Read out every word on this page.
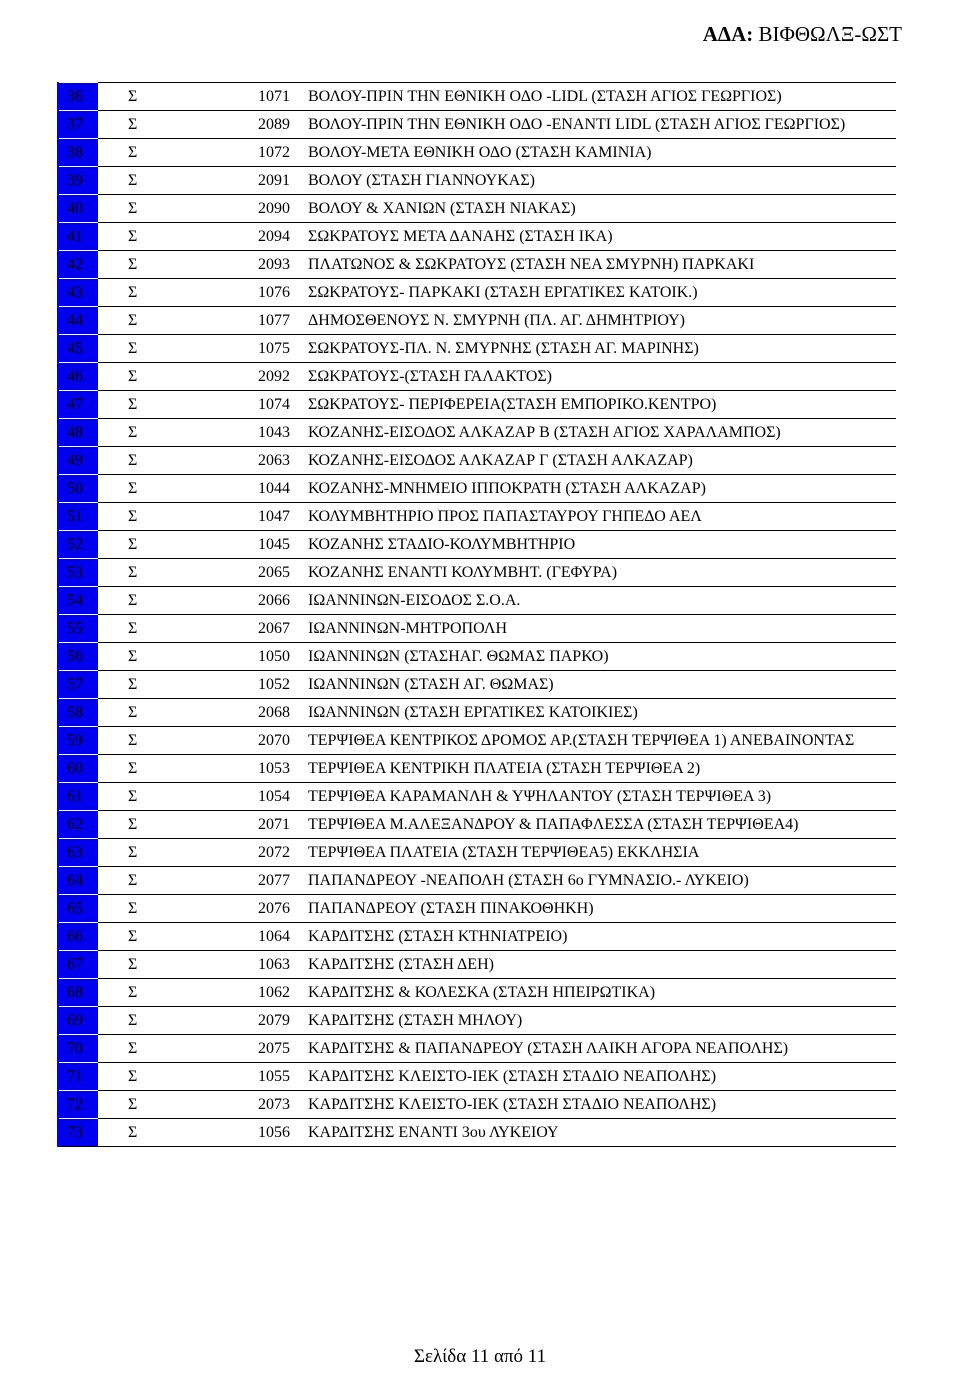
ΑΔΑ: ΒΙΦΘΩΛΞ-ΩΣΤ
36	Σ	1071	ΒΟΛΟΥ-ΠΡΙΝ ΤΗΝ ΕΘΝΙΚΗ ΟΔΟ -LIDL (ΣΤΑΣΗ ΑΓΙΟΣ ΓΕΩΡΓΙΟΣ)
37	Σ	2089	ΒΟΛΟΥ-ΠΡΙΝ ΤΗΝ ΕΘΝΙΚΗ ΟΔΟ -ΕΝΑΝΤΙ LIDL (ΣΤΑΣΗ ΑΓΙΟΣ ΓΕΩΡΓΙΟΣ)
38	Σ	1072	ΒΟΛΟΥ-ΜΕΤΑ ΕΘΝΙΚΗ ΟΔΟ (ΣΤΑΣΗ ΚΑΜΙΝΙΑ)
39	Σ	2091	ΒΟΛΟΥ (ΣΤΑΣΗ ΓΙΑΝΝΟΥΚΑΣ)
40	Σ	2090	ΒΟΛΟΥ & ΧΑΝΙΩΝ (ΣΤΑΣΗ ΝΙΑΚΑΣ)
41	Σ	2094	ΣΩΚΡΑΤΟΥΣ ΜΕΤΑ ΔΑΝΑΗΣ (ΣΤΑΣΗ ΙΚΑ)
42	Σ	2093	ΠΛΑΤΩΝΟΣ & ΣΩΚΡΑΤΟΥΣ (ΣΤΑΣΗ ΝΕΑ ΣΜΥΡΝΗ) ΠΑΡΚΑΚΙ
43	Σ	1076	ΣΩΚΡΑΤΟΥΣ- ΠΑΡΚΑΚΙ (ΣΤΑΣΗ ΕΡΓΑΤΙΚΕΣ ΚΑΤΟΙΚ.)
44	Σ	1077	ΔΗΜΟΣΘΕΝΟΥΣ Ν. ΣΜΥΡΝΗ (ΠΛ. ΑΓ. ΔΗΜΗΤΡΙΟΥ)
45	Σ	1075	ΣΩΚΡΑΤΟΥΣ-ΠΛ. Ν. ΣΜΥΡΝΗΣ (ΣΤΑΣΗ ΑΓ. ΜΑΡΙΝΗΣ)
46	Σ	2092	ΣΩΚΡΑΤΟΥΣ-(ΣΤΑΣΗ ΓΑΛΑΚΤΟΣ)
47	Σ	1074	ΣΩΚΡΑΤΟΥΣ- ΠΕΡΙΦΕΡΕΙΑ(ΣΤΑΣΗ ΕΜΠΟΡΙΚΟ.ΚΕΝΤΡΟ)
48	Σ	1043	ΚΟΖΑΝΗΣ-ΕΙΣΟΔΟΣ ΑΛΚΑΖΑΡ Β (ΣΤΑΣΗ ΑΓΙΟΣ ΧΑΡΑΛΑΜΠΟΣ)
49	Σ	2063	ΚΟΖΑΝΗΣ-ΕΙΣΟΔΟΣ ΑΛΚΑΖΑΡ Γ (ΣΤΑΣΗ ΑΛΚΑΖΑΡ)
50	Σ	1044	ΚΟΖΑΝΗΣ-ΜΝΗΜΕΙΟ ΙΠΠΟΚΡΑΤΗ (ΣΤΑΣΗ ΑΛΚΑΖΑΡ)
51	Σ	1047	ΚΟΛΥΜΒΗΤΗΡΙΟ ΠΡΟΣ ΠΑΠΑΣΤΑΥΡΟΥ ΓΗΠΕΔΟ ΑΕΛ
52	Σ	1045	ΚΟΖΑΝΗΣ ΣΤΑΔΙΟ-ΚΟΛΥΜΒΗΤΗΡΙΟ
53	Σ	2065	ΚΟΖΑΝΗΣ ΕΝΑΝΤΙ ΚΟΛΥΜΒΗΤ. (ΓΕΦΥΡΑ)
54	Σ	2066	ΙΩΑΝΝΙΝΩΝ-ΕΙΣΟΔΟΣ Σ.Ο.Α.
55	Σ	2067	ΙΩΑΝΝΙΝΩΝ-ΜΗΤΡΟΠΟΛΗ
56	Σ	1050	ΙΩΑΝΝΙΝΩΝ (ΣΤΑΣΗΑΓ. ΘΩΜΑΣ ΠΑΡΚΟ)
57	Σ	1052	ΙΩΑΝΝΙΝΩΝ (ΣΤΑΣΗ ΑΓ. ΘΩΜΑΣ)
58	Σ	2068	ΙΩΑΝΝΙΝΩΝ (ΣΤΑΣΗ ΕΡΓΑΤΙΚΕΣ ΚΑΤΟΙΚΙΕΣ)
59	Σ	2070	ΤΕΡΨΙΘΕΑ ΚΕΝΤΡΙΚΟΣ ΔΡΟΜΟΣ ΑΡ.(ΣΤΑΣΗ ΤΕΡΨΙΘΕΑ 1) ΑΝΕΒΑΙΝΟΝΤΑΣ
60	Σ	1053	ΤΕΡΨΙΘΕΑ ΚΕΝΤΡΙΚΗ ΠΛΑΤΕΙΑ (ΣΤΑΣΗ ΤΕΡΨΙΘΕΑ 2)
61	Σ	1054	ΤΕΡΨΙΘΕΑ ΚΑΡΑΜΑΝΛΗ & ΥΨΗΛΑΝΤΟΥ (ΣΤΑΣΗ ΤΕΡΨΙΘΕΑ 3)
62	Σ	2071	ΤΕΡΨΙΘΕΑ Μ.ΑΛΕΞΑΝΔΡΟΥ & ΠΑΠΑΦΛΕΣΣΑ (ΣΤΑΣΗ ΤΕΡΨΙΘΕΑ4)
63	Σ	2072	ΤΕΡΨΙΘΕΑ ΠΛΑΤΕΙΑ (ΣΤΑΣΗ ΤΕΡΨΙΘΕΑ5) ΕΚΚΛΗΣΙΑ
64	Σ	2077	ΠΑΠΑΝΔΡΕΟΥ -ΝΕΑΠΟΛΗ (ΣΤΑΣΗ 6ο ΓΥΜΝΑΣΙΟ.- ΛΥΚΕΙΟ)
65	Σ	2076	ΠΑΠΑΝΔΡΕΟΥ (ΣΤΑΣΗ ΠΙΝΑΚΟΘΗΚΗ)
66	Σ	1064	ΚΑΡΔΙΤΣΗΣ (ΣΤΑΣΗ ΚΤΗΝΙΑΤΡΕΙΟ)
67	Σ	1063	ΚΑΡΔΙΤΣΗΣ (ΣΤΑΣΗ ΔΕΗ)
68	Σ	1062	ΚΑΡΔΙΤΣΗΣ & ΚΟΛΕΣΚΑ (ΣΤΑΣΗ ΗΠΕΙΡΩΤΙΚΑ)
69	Σ	2079	ΚΑΡΔΙΤΣΗΣ (ΣΤΑΣΗ ΜΗΛΟΥ)
70	Σ	2075	ΚΑΡΔΙΤΣΗΣ & ΠΑΠΑΝΔΡΕΟΥ (ΣΤΑΣΗ ΛΑΙΚΗ ΑΓΟΡΑ ΝΕΑΠΟΛΗΣ)
71	Σ	1055	ΚΑΡΔΙΤΣΗΣ ΚΛΕΙΣΤΟ-ΙΕΚ (ΣΤΑΣΗ ΣΤΑΔΙΟ ΝΕΑΠΟΛΗΣ)
72	Σ	2073	ΚΑΡΔΙΤΣΗΣ ΚΛΕΙΣΤΟ-ΙΕΚ (ΣΤΑΣΗ ΣΤΑΔΙΟ ΝΕΑΠΟΛΗΣ)
73	Σ	1056	ΚΑΡΔΙΤΣΗΣ ΕΝΑΝΤΙ 3ου ΛΥΚΕΙΟΥ
Σελίδα 11 από 11
